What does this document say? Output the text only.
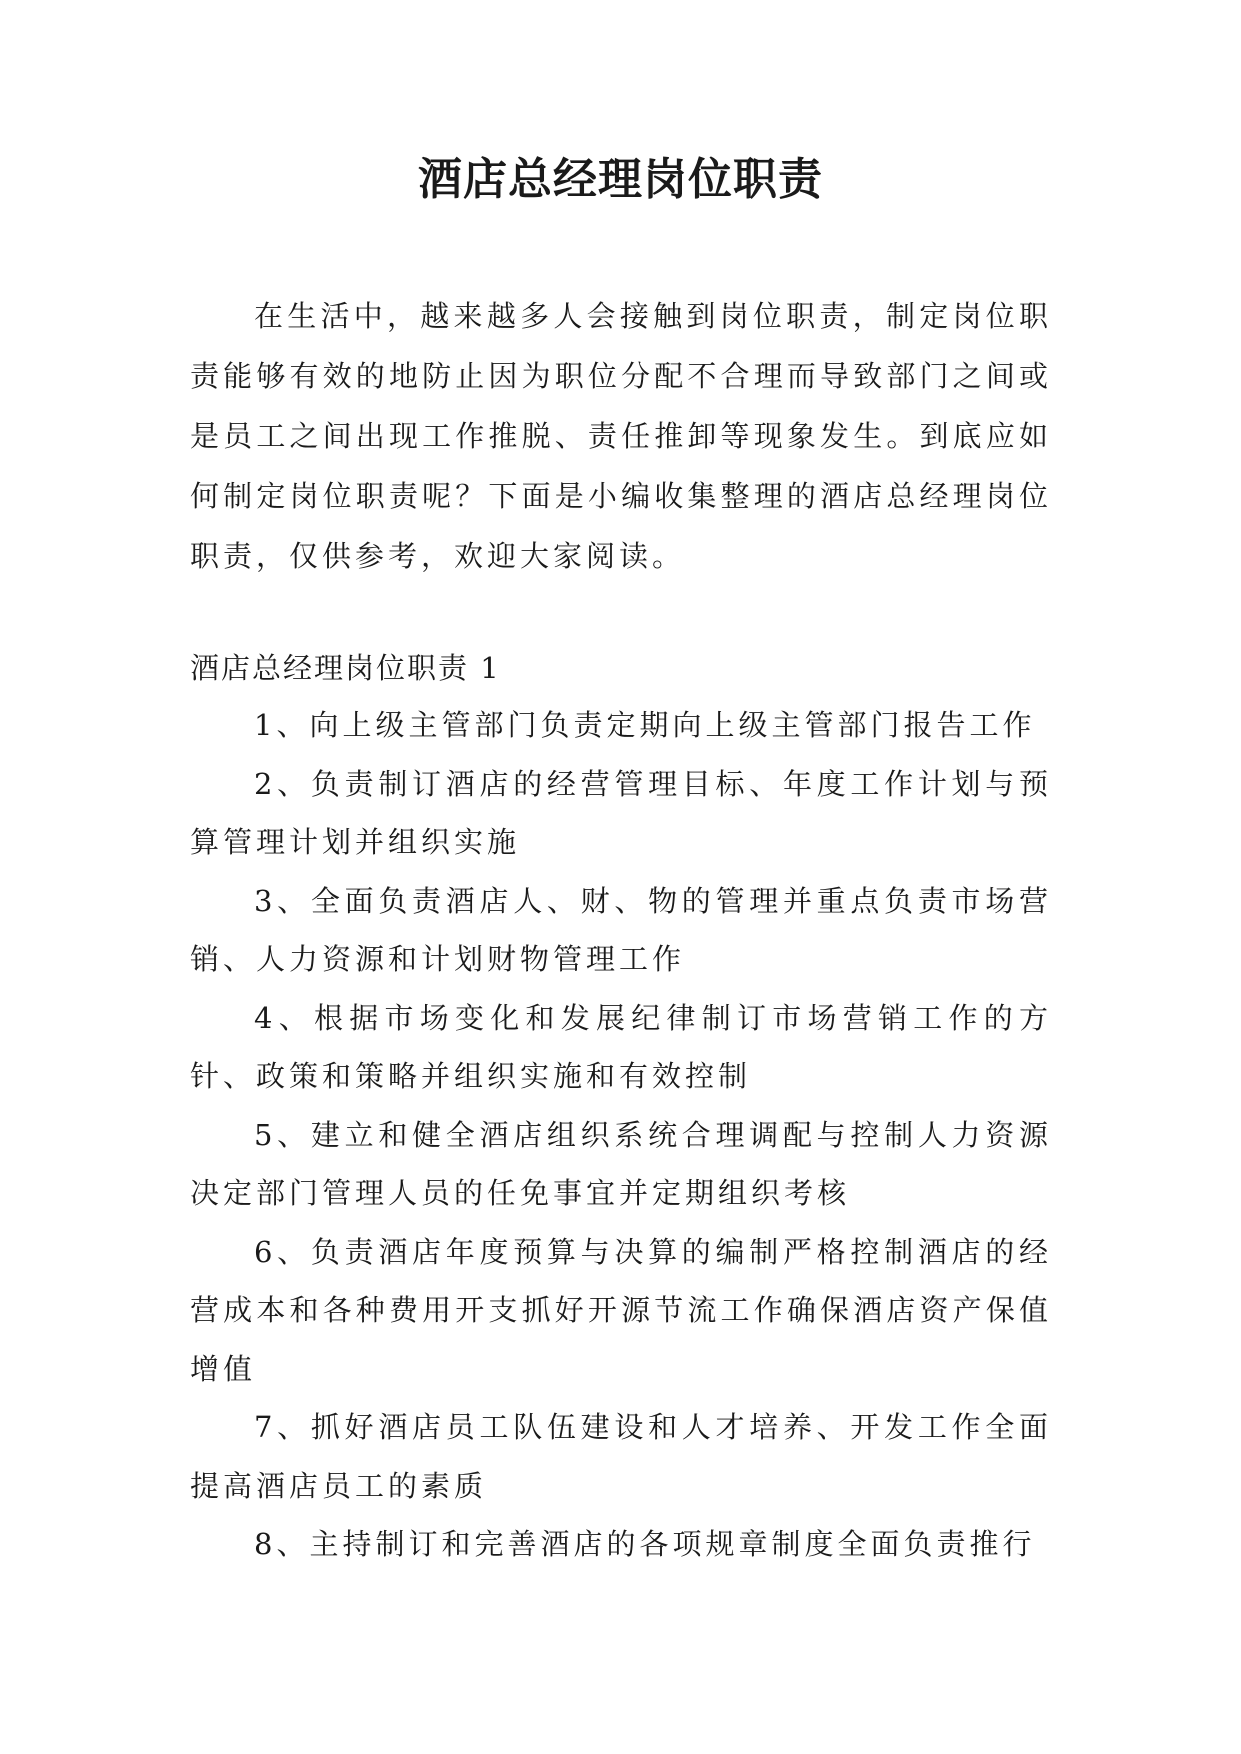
酒店总经理岗位职责

在生活中，越来越多人会接触到岗位职责，制定岗位职责能够有效的地防止因为职位分配不合理而导致部门之间或是员工之间出现工作推脱、责任推卸等现象发生。到底应如何制定岗位职责呢？下面是小编收集整理的酒店总经理岗位职责，仅供参考，欢迎大家阅读。

酒店总经理岗位职责 1

1、向上级主管部门负责定期向上级主管部门报告工作
2、负责制订酒店的经营管理目标、年度工作计划与预算管理计划并组织实施
3、全面负责酒店人、财、物的管理并重点负责市场营销、人力资源和计划财物管理工作
4、根据市场变化和发展纪律制订市场营销工作的方针、政策和策略并组织实施和有效控制
5、建立和健全酒店组织系统合理调配与控制人力资源决定部门管理人员的任免事宜并定期组织考核
6、负责酒店年度预算与决算的编制严格控制酒店的经营成本和各种费用开支抓好开源节流工作确保酒店资产保值增值
7、抓好酒店员工队伍建设和人才培养、开发工作全面提高酒店员工的素质
8、主持制订和完善酒店的各项规章制度全面负责推行
